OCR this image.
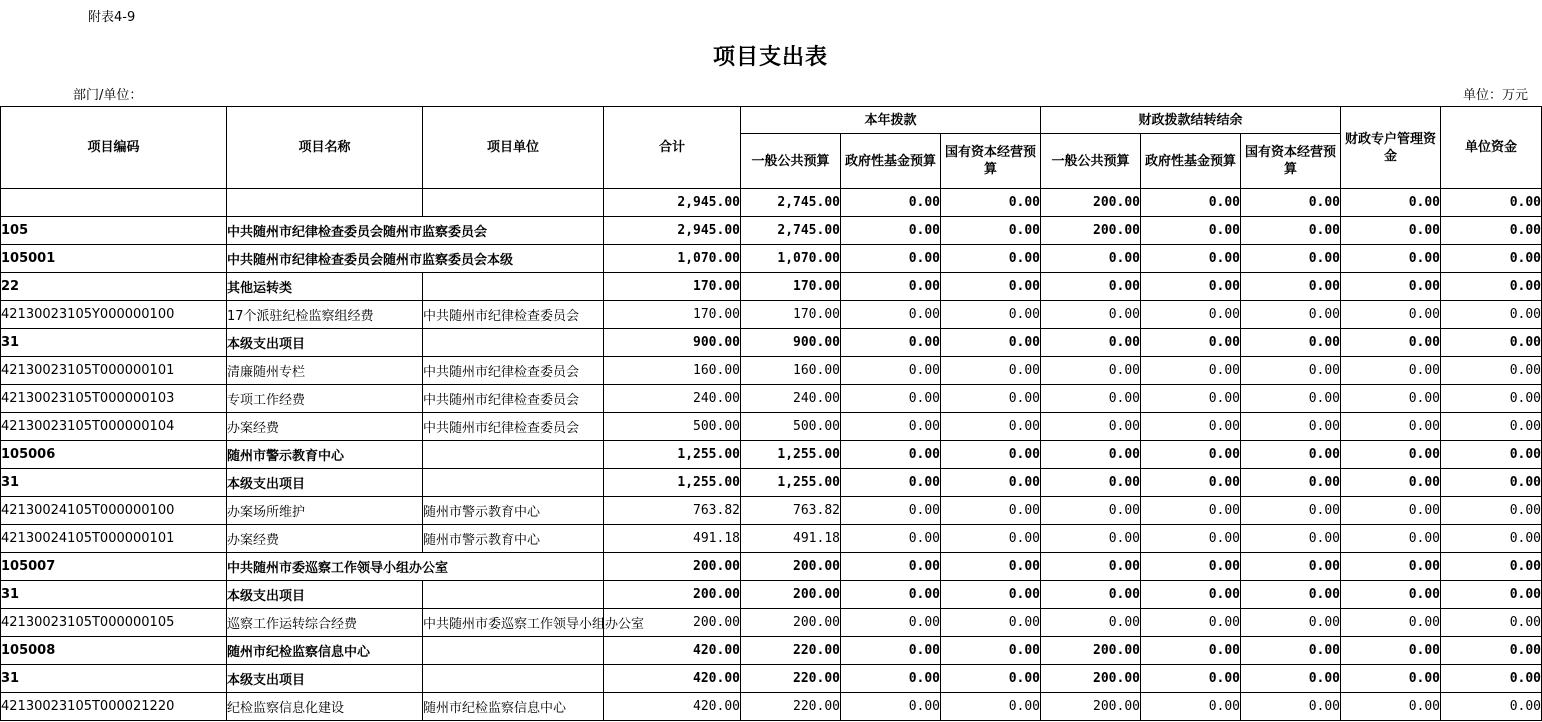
附表4-9
项目支出表
部门/单位：	单位：万元
项目编码	项目名称	项目单位	合计	本年拨款			财政拨款结转结余			财政专户管理资金	单位资金
				一般公共预算	政府性基金预算	国有资本经营预算	一般公共预算	政府性基金预算	国有资本经营预算		
			2,945.00	2,745.00	0.00	0.00	200.00	0.00	0.00	0.00	0.00
105	中共随州市纪律检查委员会随州市监察委员会		2,945.00	2,745.00	0.00	0.00	200.00	0.00	0.00	0.00	0.00
105001	中共随州市纪律检查委员会随州市监察委员会本级		1,070.00	1,070.00	0.00	0.00	0.00	0.00	0.00	0.00	0.00
22	其他运转类		170.00	170.00	0.00	0.00	0.00	0.00	0.00	0.00	0.00
42130023105Y000000100	17个派驻纪检监察组经费	中共随州市纪律检查委员会	170.00	170.00	0.00	0.00	0.00	0.00	0.00	0.00	0.00
31	本级支出项目		900.00	900.00	0.00	0.00	0.00	0.00	0.00	0.00	0.00
42130023105T000000101	清廉随州专栏	中共随州市纪律检查委员会	160.00	160.00	0.00	0.00	0.00	0.00	0.00	0.00	0.00
42130023105T000000103	专项工作经费	中共随州市纪律检查委员会	240.00	240.00	0.00	0.00	0.00	0.00	0.00	0.00	0.00
42130023105T000000104	办案经费	中共随州市纪律检查委员会	500.00	500.00	0.00	0.00	0.00	0.00	0.00	0.00	0.00
105006	随州市警示教育中心		1,255.00	1,255.00	0.00	0.00	0.00	0.00	0.00	0.00	0.00
31	本级支出项目		1,255.00	1,255.00	0.00	0.00	0.00	0.00	0.00	0.00	0.00
42130024105T000000100	办案场所维护	随州市警示教育中心	763.82	763.82	0.00	0.00	0.00	0.00	0.00	0.00	0.00
42130024105T000000101	办案经费	随州市警示教育中心	491.18	491.18	0.00	0.00	0.00	0.00	0.00	0.00	0.00
105007	中共随州市委巡察工作领导小组办公室		200.00	200.00	0.00	0.00	0.00	0.00	0.00	0.00	0.00
31	本级支出项目		200.00	200.00	0.00	0.00	0.00	0.00	0.00	0.00	0.00
42130023105T000000105	巡察工作运转综合经费	中共随州市委巡察工作领导小组办公室	200.00	200.00	0.00	0.00	0.00	0.00	0.00	0.00	0.00
105008	随州市纪检监察信息中心		420.00	220.00	0.00	0.00	200.00	0.00	0.00	0.00	0.00
31	本级支出项目		420.00	220.00	0.00	0.00	200.00	0.00	0.00	0.00	0.00
42130023105T000021220	纪检监察信息化建设	随州市纪检监察信息中心	420.00	220.00	0.00	0.00	200.00	0.00	0.00	0.00	0.00
